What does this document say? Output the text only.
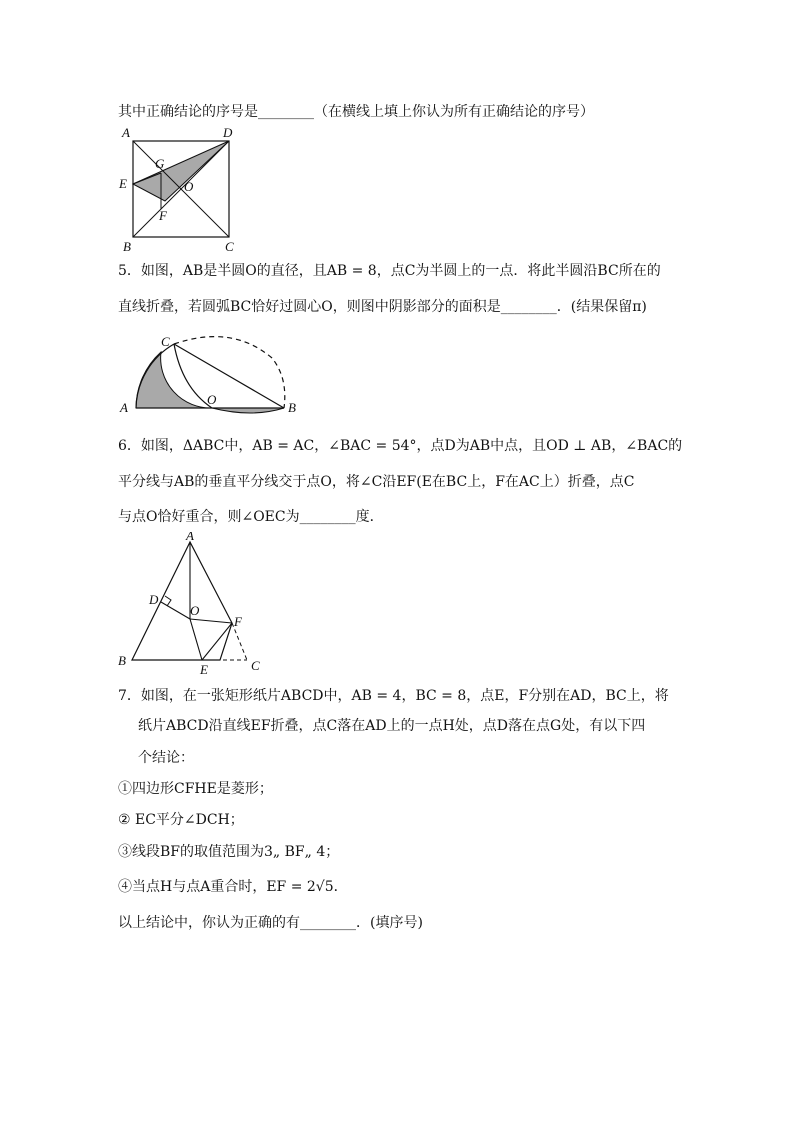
其中正确结论的序号是________（在横线上填上你认为所有正确结论的序号）
A	D
E
G
O
F
B	C
5．如图，AB是半圆O的直径，且AB = 8，点C为半圆上的一点．将此半圆沿BC所在的
直线折叠，若圆弧BC恰好过圆心O，则图中阴影部分的面积是________．(结果保留π)
C
A
O
B
6．如图，ΔABC中，AB = AC，∠BAC = 54°，点D为AB中点，且OD ⊥ AB，∠BAC的
平分线与AB的垂直平分线交于点O，将∠C沿EF(E在BC上，F在AC上）折叠，点C
与点O恰好重合，则∠OEC为________度．
A
D
O
F
B
E	C
7．如图，在一张矩形纸片ABCD中，AB = 4，BC = 8，点E，F分别在AD，BC上，将
纸片ABCD沿直线EF折叠，点C落在AD上的一点H处，点D落在点G处，有以下四
个结论：
①四边形CFHE是菱形；
② EC平分∠DCH；
③线段BF的取值范围为3„ BF„ 4；
④当点H与点A重合时，EF = 2√5．
以上结论中，你认为正确的有________．(填序号)
